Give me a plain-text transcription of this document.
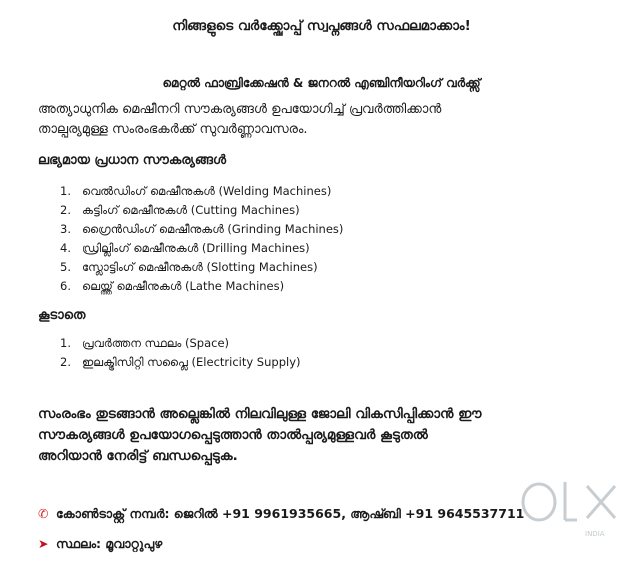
നിങ്ങളുടെ വർക്ക്ഷോപ്പ് സ്വപ്നങ്ങൾ സഫലമാക്കാം!
മെറ്റൽ ഫാബ്രിക്കേഷൻ & ജനറൽ എഞ്ചിനീയറിംഗ് വർക്ക്സ്
അത്യാധുനിക മെഷീനറി സൗകര്യങ്ങൾ ഉപയോഗിച്ച് പ്രവർത്തിക്കാൻ
താല്പര്യമുള്ള സംരംഭകർക്ക് സുവർണ്ണാവസരം.
ലഭ്യമായ പ്രധാന സൗകര്യങ്ങൾ
1. വെൽഡിംഗ് മെഷീനുകൾ (Welding Machines)
2. കട്ടിംഗ് മെഷീനുകൾ (Cutting Machines)
3. ഗ്രൈൻഡിംഗ് മെഷീനുകൾ (Grinding Machines)
4. ഡ്രില്ലിംഗ് മെഷീനുകൾ (Drilling Machines)
5. സ്ലോട്ടിംഗ് മെഷീനുകൾ (Slotting Machines)
6. ലെയ്ത്ത് മെഷീനുകൾ (Lathe Machines)
കൂടാതെ
1. പ്രവർത്തന സ്ഥലം (Space)
2. ഇലക്ട്രിസിറ്റി സപ്ലൈ (Electricity Supply)
സംരംഭം തുടങ്ങാൻ അല്ലെങ്കിൽ നിലവിലുള്ള ജോലി വികസിപ്പിക്കാൻ ഈ
സൗകര്യങ്ങൾ ഉപയോഗപ്പെടുത്താൻ താൽപ്പര്യമുള്ളവർ കൂടുതൽ
അറിയാൻ നേരിട്ട് ബന്ധപ്പെടുക.
✆ കോൺടാക്റ്റ് നമ്പർ: ജെറിൽ +91 9961935665, ആഷ്ബി +91 9645537711
➤ സ്ഥലം: മൂവാറ്റുപുഴ
INDIA
